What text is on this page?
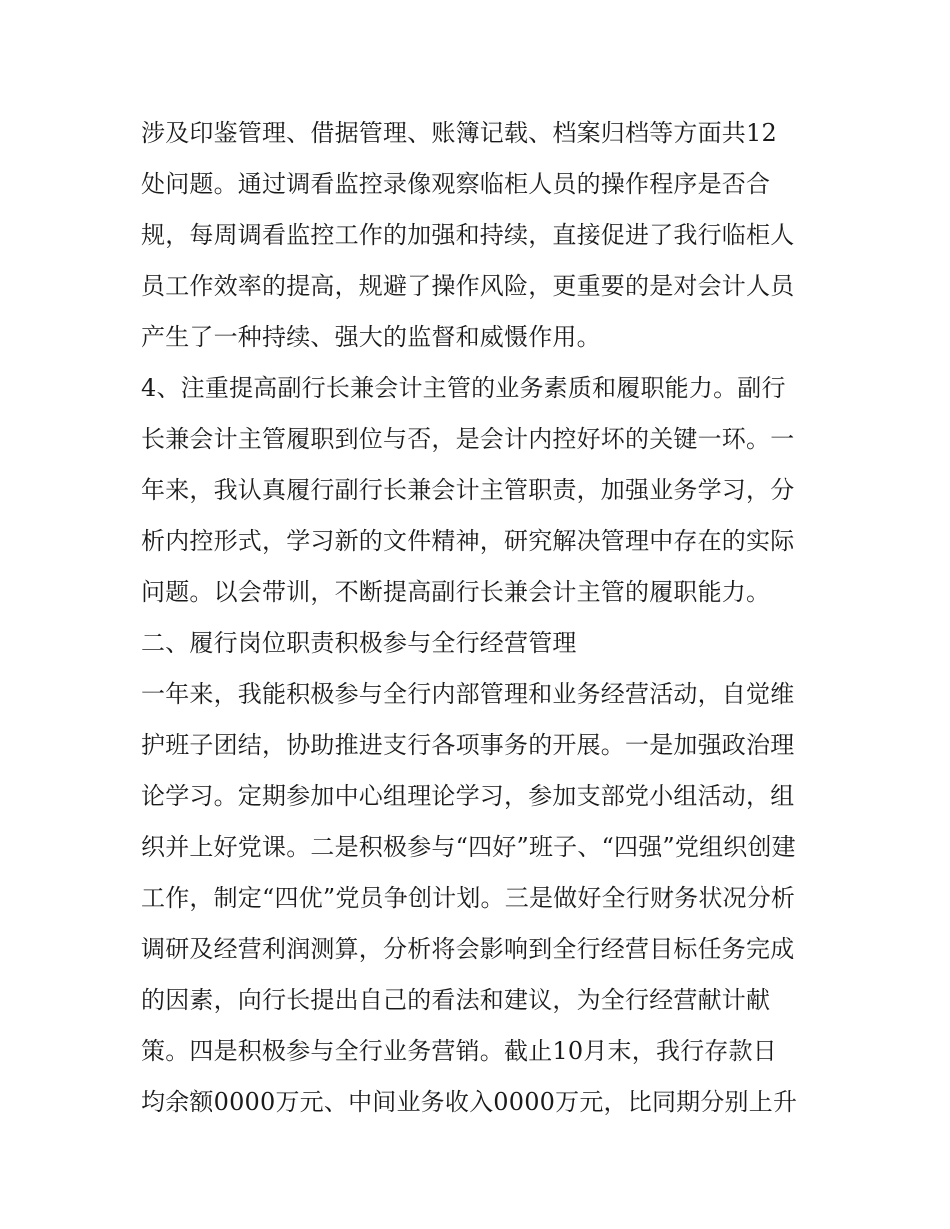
涉及印鉴管理、借据管理、账簿记载、档案归档等方面共12
处问题。通过调看监控录像观察临柜人员的操作程序是否合
规，每周调看监控工作的加强和持续，直接促进了我行临柜人
员工作效率的提高，规避了操作风险，更重要的是对会计人员
产生了一种持续、强大的监督和威慑作用。
4、注重提高副行长兼会计主管的业务素质和履职能力。副行
长兼会计主管履职到位与否，是会计内控好坏的关键一环。一
年来，我认真履行副行长兼会计主管职责，加强业务学习，分
析内控形式，学习新的文件精神，研究解决管理中存在的实际
问题。以会带训，不断提高副行长兼会计主管的履职能力。
二、履行岗位职责积极参与全行经营管理
一年来，我能积极参与全行内部管理和业务经营活动，自觉维
护班子团结，协助推进支行各项事务的开展。一是加强政治理
论学习。定期参加中心组理论学习，参加支部党小组活动，组
织并上好党课。二是积极参与“四好”班子、“四强”党组织创建
工作，制定“四优”党员争创计划。三是做好全行财务状况分析
调研及经营利润测算，分析将会影响到全行经营目标任务完成
的因素，向行长提出自己的看法和建议，为全行经营献计献
策。四是积极参与全行业务营销。截止10月末，我行存款日
均余额0000万元、中间业务收入0000万元，比同期分别上升
